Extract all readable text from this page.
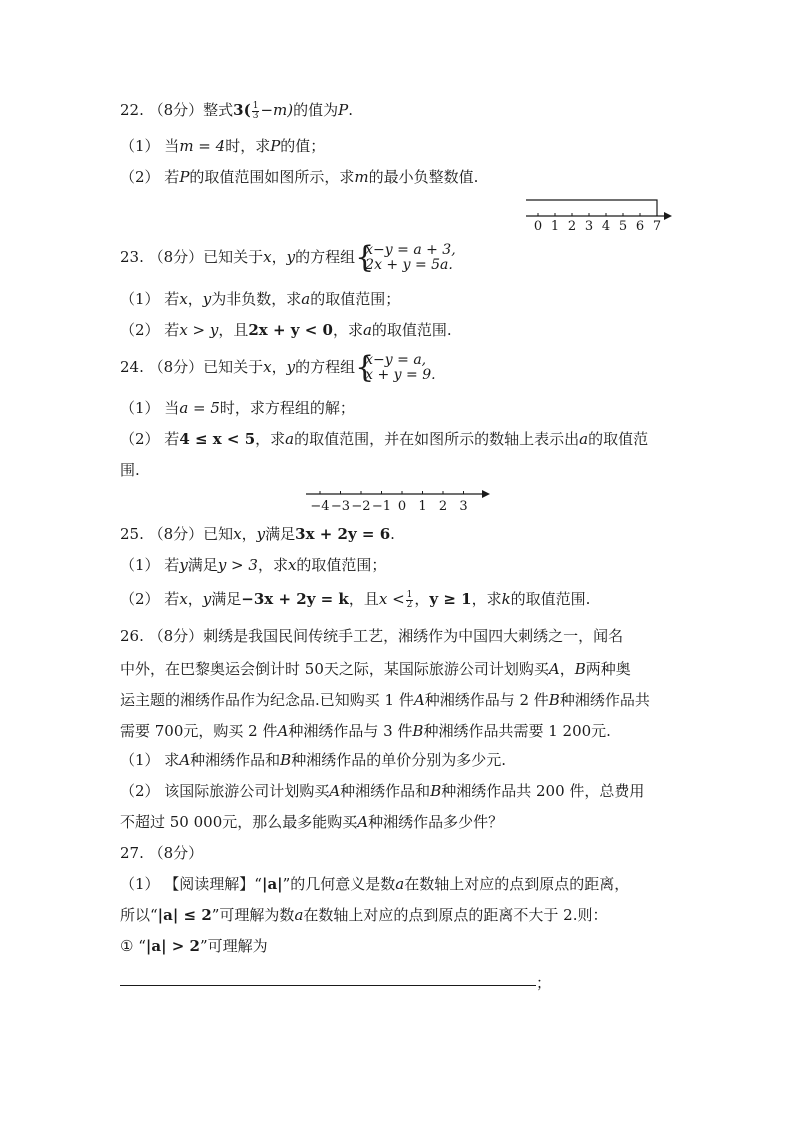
22. （8分）整式$3( \frac{1}{3} -m)$的值为P.
（1） 当m = 4时，求P的值；
（2） 若P的取值范围如图所示，求m的最小负整数值.
0 1 2 3 4 5 6 7
23. （8分）已知关于x，y的方程组 {
x−y = a + 3,
2x + y = 5a.
（1） 若x，y为非负数，求a的取值范围；
（2） 若x > y，且2x + y < 0，求a的取值范围.
24. （8分）已知关于x，y的方程组 {
x−y = a,
x + y = 9.
（1） 当a = 5时，求方程组的解；
（2） 若4 ≤ x < 5，求a的取值范围，并在如图所示的数轴上表示出a的取值范
围.
−4 −3 −2 −1 0 1 2 3
25. （8分）已知x，y满足3x + 2y = 6.
（1） 若y满足y > 3，求x的取值范围；
（2） 若x，y满足−3x + 2y = k，且$x < \frac{1}{2}$ ，y ≥ 1，求k的取值范围.
26. （8分）刺绣是我国民间传统手工艺，湘绣作为中国四大刺绣之一，闻名
中外，在巴黎奥运会倒计时 50天之际，某国际旅游公司计划购买A，B两种奥
运主题的湘绣作品作为纪念品.已知购买 1 件A种湘绣作品与 2 件B种湘绣作品共
需要 700元，购买 2 件A种湘绣作品与 3 件B种湘绣作品共需要 1 200元.
（1） 求A种湘绣作品和B种湘绣作品的单价分别为多少元.
（2） 该国际旅游公司计划购买A种湘绣作品和B种湘绣作品共 200 件，总费用
不超过 50 000元，那么最多能购买A种湘绣作品多少件？
27. （8分）
（1） 【阅读理解】“|a|”的几何意义是数a在数轴上对应的点到原点的距离，
所以“|a| ≤ 2”可理解为数a在数轴上对应的点到原点的距离不大于 2.则：
① “|a| > 2”可理解为
；
